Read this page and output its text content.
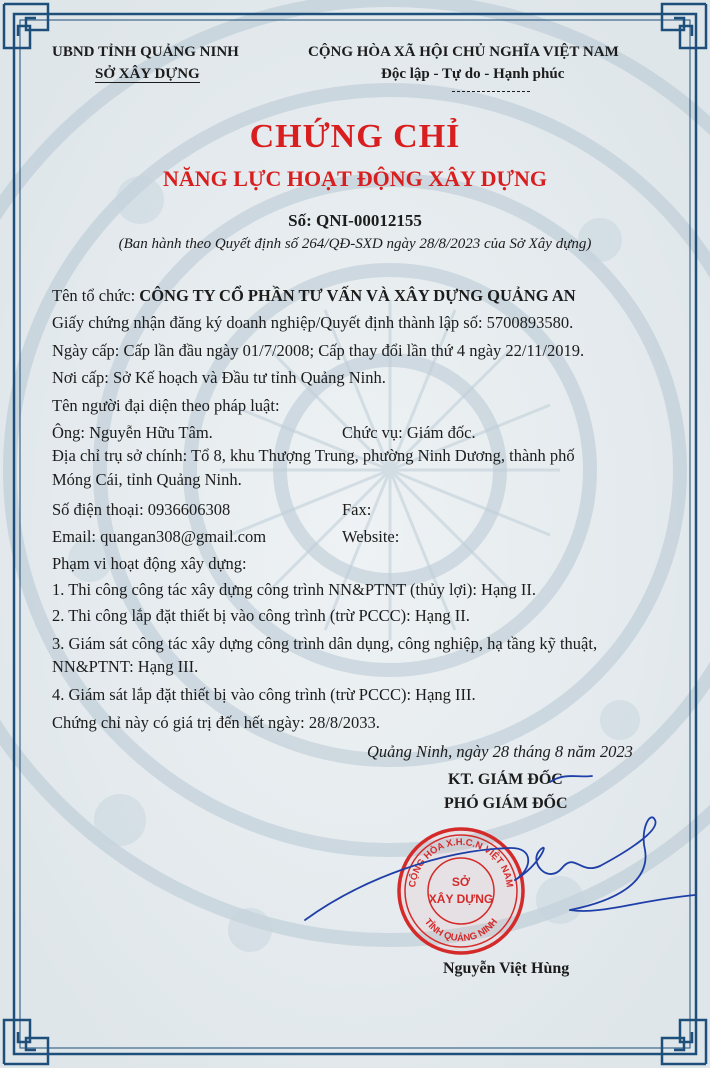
UBND TỈNH QUẢNG NINH
SỞ XÂY DỰNG
CỘNG HÒA XÃ HỘI CHỦ NGHĨA VIỆT NAM
Độc lập - Tự do - Hạnh phúc
CHỨNG CHỈ
NĂNG LỰC HOẠT ĐỘNG XÂY DỰNG
Số: QNI-00012155
(Ban hành theo Quyết định số 264/QĐ-SXD ngày 28/8/2023 của Sở Xây dựng)
Tên tổ chức: CÔNG TY CỔ PHẦN TƯ VẤN VÀ XÂY DỰNG QUẢNG AN
Giấy chứng nhận đăng ký doanh nghiệp/Quyết định thành lập số: 5700893580.
Ngày cấp: Cấp lần đầu ngày 01/7/2008; Cấp thay đổi lần thứ 4 ngày 22/11/2019.
Nơi cấp: Sở Kế hoạch và Đầu tư tỉnh Quảng Ninh.
Tên người đại diện theo pháp luật:
Ông: Nguyễn Hữu Tâm.	Chức vụ: Giám đốc.
Địa chỉ trụ sở chính: Tổ 8, khu Thượng Trung, phường Ninh Dương, thành phố
Móng Cái, tỉnh Quảng Ninh.
Số điện thoại: 0936606308	Fax:
Email: quangan308@gmail.com	Website:
Phạm vi hoạt động xây dựng:
1. Thi công công tác xây dựng công trình NN&PTNT (thủy lợi): Hạng II.
2. Thi công lắp đặt thiết bị vào công trình (trừ PCCC): Hạng II.
3. Giám sát công tác xây dựng công trình dân dụng, công nghiệp, hạ tầng kỹ thuật,
NN&PTNT: Hạng III.
4. Giám sát lắp đặt thiết bị vào công trình (trừ PCCC): Hạng III.
Chứng chỉ này có giá trị đến hết ngày: 28/8/2033.
Quảng Ninh, ngày 28 tháng 8 năm 2023
KT. GIÁM ĐỐC
PHÓ GIÁM ĐỐC
CỘNG HÒA X.H.C.N VIỆT NAM
TỈNH QUẢNG NINH
SỞ
XÂY DỰNG
Nguyễn Việt Hùng
